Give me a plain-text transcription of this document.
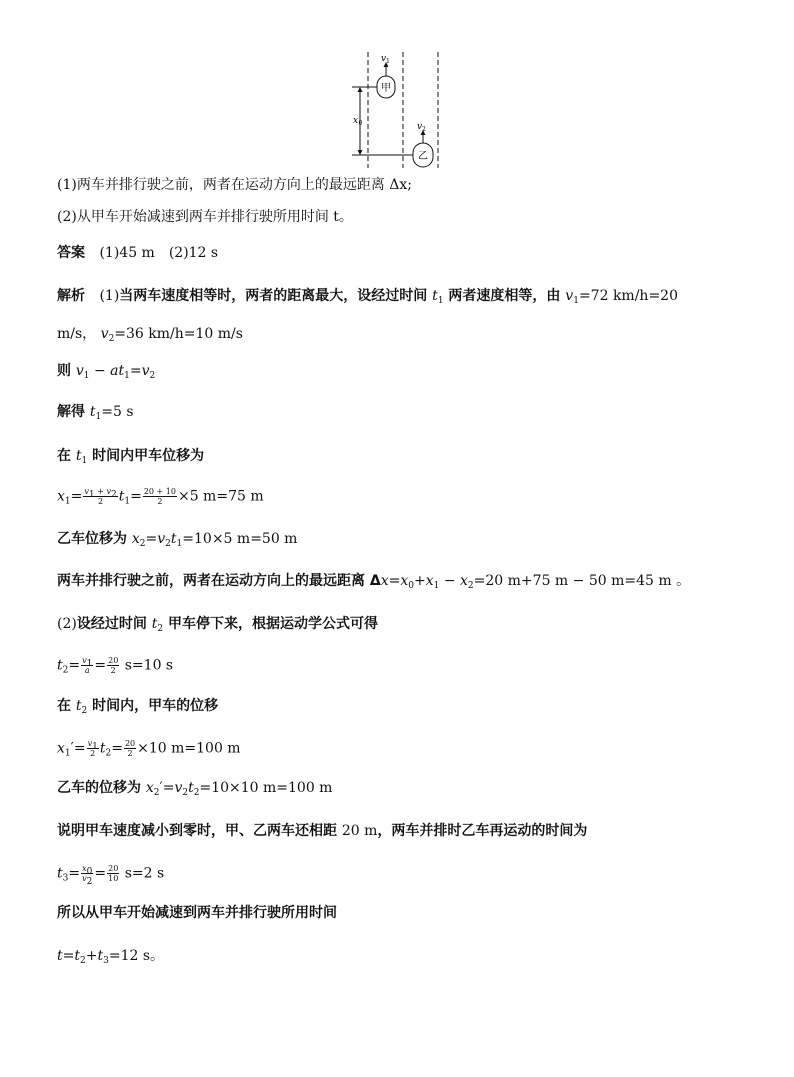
v 1
甲
x 0	v 2
乙
(1)两车并排行驶之前，两者在运动方向上的最远距离 Δx;
(2)从甲车开始减速到两车并排行驶所用时间 t。
答案 (1)45 m　(2)12 s
解析 (1)当两车速度相等时，两者的距离最大，设经过时间 $t_1$ 两者速度相等，由 $v_1=72$ km/h=20
m/s， $v_2=36$ km/h=10 m/s
则 $v_1 - at_1=v_2$
解得 $t_1=5$ s
在 $t_1$ 时间内甲车位移为
$x_1= \frac{v_1 + v_2}{2} t_1= \frac{20 + 10}{2} \times 5$ m=75 m
乙车位移为 $x_2=v_2t_1=10\times 5$ m=50 m
两车并排行驶之前，两者在运动方向上的最远距离 $\Delta x=x_0+x_1 - x_2=20$ m+75 m − 50 m=45 m 。
(2)设经过时间 $t_2$ 甲车停下来，根据运动学公式可得
$t_2= \frac{v_1}{a} = \frac{20}{2} s=10$ s
在 $t_2$ 时间内，甲车的位移
$x_1'= \frac{v_1}{2} t_2= \frac{20}{2} \times 10$ m=100 m
乙车的位移为 $x_2'=v_2t_2=10\times 10$ m=100 m
说明甲车速度减小到零时，甲、乙两车还相距 20 m，两车并排时乙车再运动的时间为
$t_3= \frac{x_0}{v_2} = \frac{20}{10} s=2$ s
所以从甲车开始减速到两车并排行驶所用时间
$t=t_2+t_3=12$ s。
